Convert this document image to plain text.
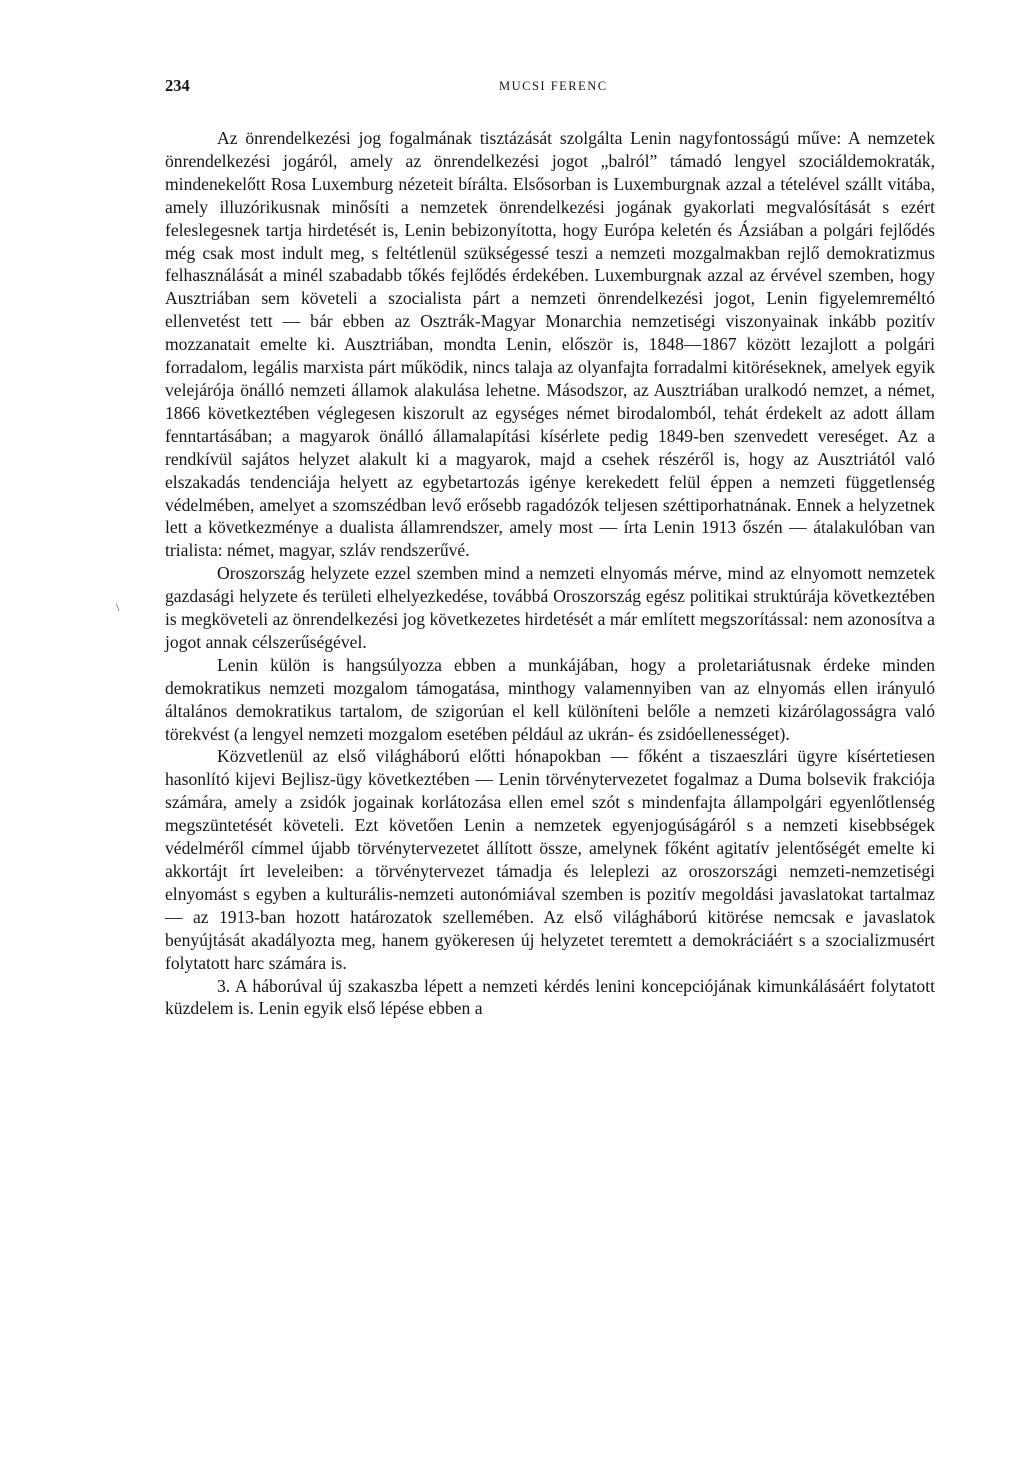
234	MUCSI FERENC
\

Az önrendelkezési jog fogalmának tisztázását szolgálta Lenin nagyfontosságú műve: A nemzetek önrendelkezési jogáról, amely az önrendelkezési jogot „balról” támadó lengyel szociáldemokraták, mindenekelőtt Rosa Luxemburg nézeteit bírálta. Elsősorban is Luxemburgnak azzal a tételével szállt vitába, amely illuzórikusnak minősíti a nemzetek önrendelkezési jogának gyakorlati megvalósítását s ezért feleslegesnek tartja hirdetését is, Lenin bebizonyította, hogy Európa keletén és Ázsiában a polgári fejlődés még csak most indult meg, s feltétlenül szükségessé teszi a nemzeti mozgalmakban rejlő demokratizmus felhasználását a minél szabadabb tőkés fejlődés érdekében. Luxemburgnak azzal az érvével szemben, hogy Ausztriában sem követeli a szocialista párt a nemzeti önrendelkezési jogot, Lenin figyelemreméltó ellenvetést tett — bár ebben az Osztrák-Magyar Monarchia nemzetiségi viszonyainak inkább pozitív mozzanatait emelte ki. Ausztriában, mondta Lenin, először is, 1848—1867 között lezajlott a polgári forradalom, legális marxista párt működik, nincs talaja az olyanfajta forradalmi kitöréseknek, amelyek egyik velejárója önálló nemzeti államok alakulása lehetne. Másodszor, az Ausztriában uralkodó nemzet, a német, 1866 következtében véglegesen kiszorult az egységes német birodalomból, tehát érdekelt az adott állam fenntartásában; a magyarok önálló államalapítási kísérlete pedig 1849-ben szenvedett vereséget. Az a rendkívül sajátos helyzet alakult ki a magyarok, majd a csehek részéről is, hogy az Ausztriától való elszakadás tendenciája helyett az egybetartozás igénye kerekedett felül éppen a nemzeti függetlenség védelmében, amelyet a szomszédban levő erősebb ragadózók teljesen széttiporhatnának. Ennek a helyzetnek lett a következménye a dualista államrendszer, amely most — írta Lenin 1913 őszén — átalakulóban van trialista: német, magyar, szláv rendszerűvé.

Oroszország helyzete ezzel szemben mind a nemzeti elnyomás mérve, mind az elnyomott nemzetek gazdasági helyzete és területi elhelyezkedése, továbbá Oroszország egész politikai struktúrája következtében is megköveteli az önrendelkezési jog következetes hirdetését a már említett megszorítással: nem azonosítva a jogot annak célszerűségével.

Lenin külön is hangsúlyozza ebben a munkájában, hogy a proletariátusnak érdeke minden demokratikus nemzeti mozgalom támogatása, minthogy valamennyiben van az elnyomás ellen irányuló általános demokratikus tartalom, de szigorúan el kell különíteni belőle a nemzeti kizárólagosságra való törekvést (a lengyel nemzeti mozgalom esetében például az ukrán- és zsidóellenességet).

Közvetlenül az első világháború előtti hónapokban — főként a tiszaeszlári ügyre kísértetiesen hasonlító kijevi Bejlisz-ügy következtében — Lenin törvénytervezetet fogalmaz a Duma bolsevik frakciója számára, amely a zsidók jogainak korlátozása ellen emel szót s mindenfajta állampolgári egyenlőtlenség megszüntetését követeli. Ezt követően Lenin a nemzetek egyenjogúságáról s a nemzeti kisebbségek védelméről címmel újabb törvénytervezetet állított össze, amelynek főként agitatív jelentőségét emelte ki akkortájt írt leveleiben: a törvénytervezet támadja és leleplezi az oroszországi nemzeti-nemzetiségi elnyomást s egyben a kulturális-nemzeti autonómiával szemben is pozitív megoldási javaslatokat tartalmaz — az 1913-ban hozott határozatok szellemében. Az első világháború kitörése nemcsak e javaslatok benyújtását akadályozta meg, hanem gyökeresen új helyzetet teremtett a demokráciáért s a szocializmusért folytatott harc számára is.

3. A háborúval új szakaszba lépett a nemzeti kérdés lenini koncepciójának kimunkálásáért folytatott küzdelem is. Lenin egyik első lépése ebben a
